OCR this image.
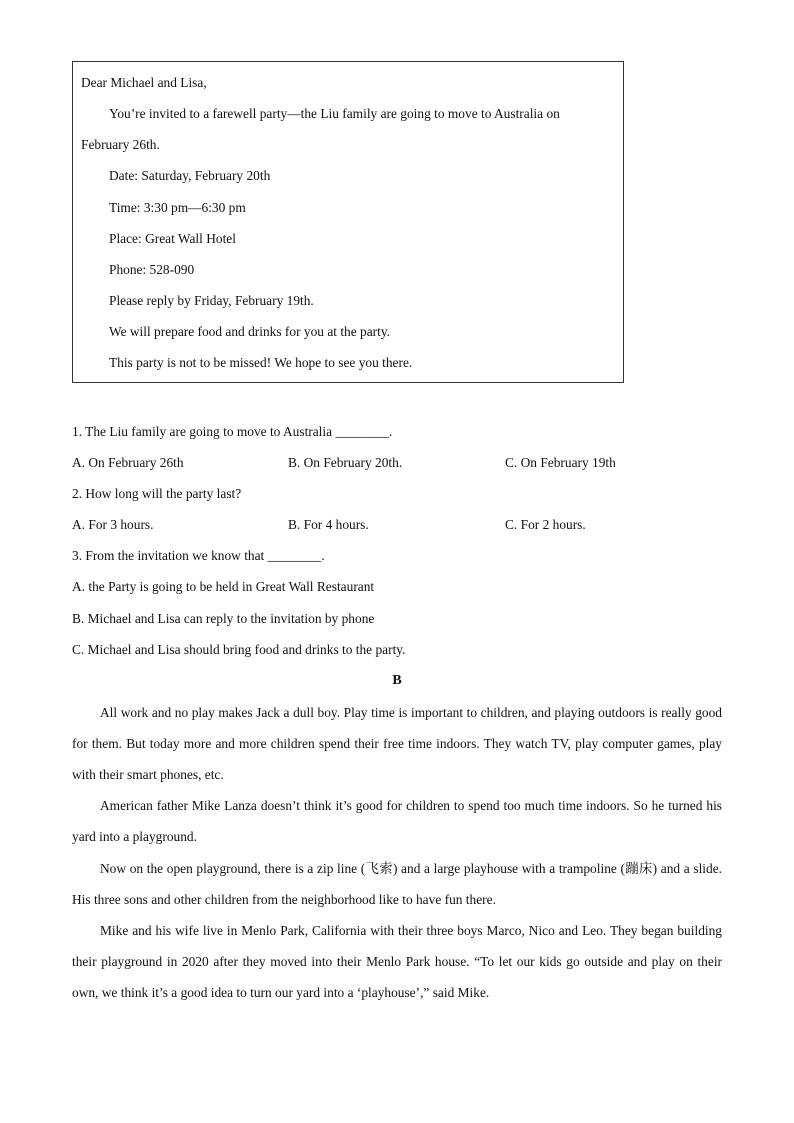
Dear Michael and Lisa,
You’re invited to a farewell party—the Liu family are going to move to Australia on
February 26th.
Date: Saturday, February 20th
Time: 3:30 pm—6:30 pm
Place: Great Wall Hotel
Phone: 528-090
Please reply by Friday, February 19th.
We will prepare food and drinks for you at the party.
This party is not to be missed! We hope to see you there.
1. The Liu family are going to move to Australia ________.
A. On February 26th	B. On February 20th.	C. On February 19th
2. How long will the party last?
A. For 3 hours.	B. For 4 hours.	C. For 2 hours.
3. From the invitation we know that ________.
A. the Party is going to be held in Great Wall Restaurant
B. Michael and Lisa can reply to the invitation by phone
C. Michael and Lisa should bring food and drinks to the party.
B

All work and no play makes Jack a dull boy. Play time is important to children, and playing outdoors is really good for them. But today more and more children spend their free time indoors. They watch TV, play computer games, play with their smart phones, etc.

American father Mike Lanza doesn’t think it’s good for children to spend too much time indoors. So he turned his yard into a playground.

Now on the open playground, there is a zip line (飞索) and a large playhouse with a trampoline (蹦床) and a slide. His three sons and other children from the neighborhood like to have fun there.

Mike and his wife live in Menlo Park, California with their three boys Marco, Nico and Leo. They began building their playground in 2020 after they moved into their Menlo Park house. “To let our kids go outside and play on their own, we think it’s a good idea to turn our yard into a ‘playhouse’,” said Mike.
